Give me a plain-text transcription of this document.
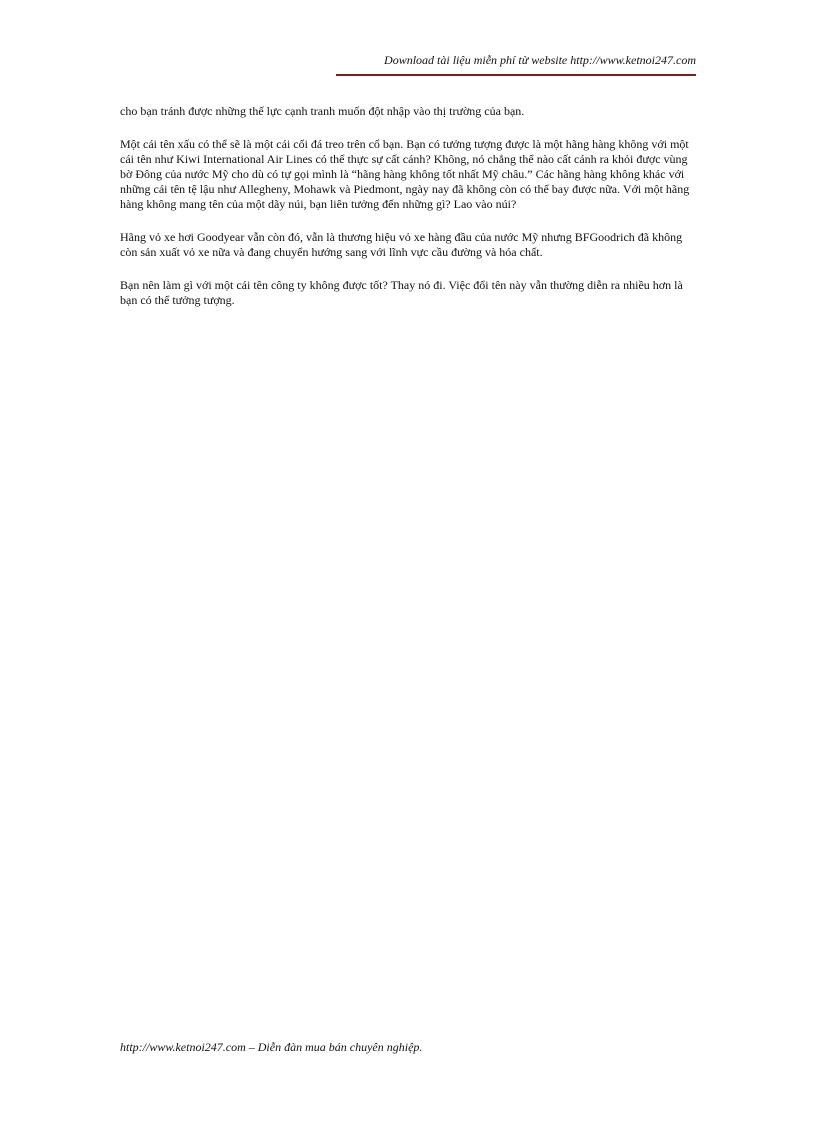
Download tài liệu miễn phí từ website http://www.ketnoi247.com

cho bạn tránh được những thế lực cạnh tranh muốn đột nhập vào thị trường của bạn.

Một cái tên xấu có thể sẽ là một cái cối đá treo trên cổ bạn. Bạn có tưởng tượng được là một hãng hàng không với một cái tên như Kiwi International Air Lines có thể thực sự cất cánh? Không, nó chẳng thể nào cất cánh ra khỏi được vùng bờ Đông của nước Mỹ cho dù có tự gọi mình là “hãng hàng không tốt nhất Mỹ châu.” Các hãng hàng không khác với những cái tên tệ lậu như Allegheny, Mohawk và Piedmont, ngày nay đã không còn có thể bay được nữa. Với một hãng hàng không mang tên của một dãy núi, bạn liên tưởng đến những gì? Lao vào núi?

Hãng vỏ xe hơi Goodyear vẫn còn đó, vẫn là thương hiệu vỏ xe hàng đầu của nước Mỹ nhưng BFGoodrich đã không còn sản xuất vỏ xe nữa và đang chuyển hướng sang với lĩnh vực cầu đường và hóa chất.

Bạn nên làm gì với một cái tên công ty không được tốt? Thay nó đi. Việc đổi tên này vẫn thường diễn ra nhiều hơn là bạn có thể tưởng tượng.

http://www.ketnoi247.com – Diễn đàn mua bán chuyên nghiệp.
